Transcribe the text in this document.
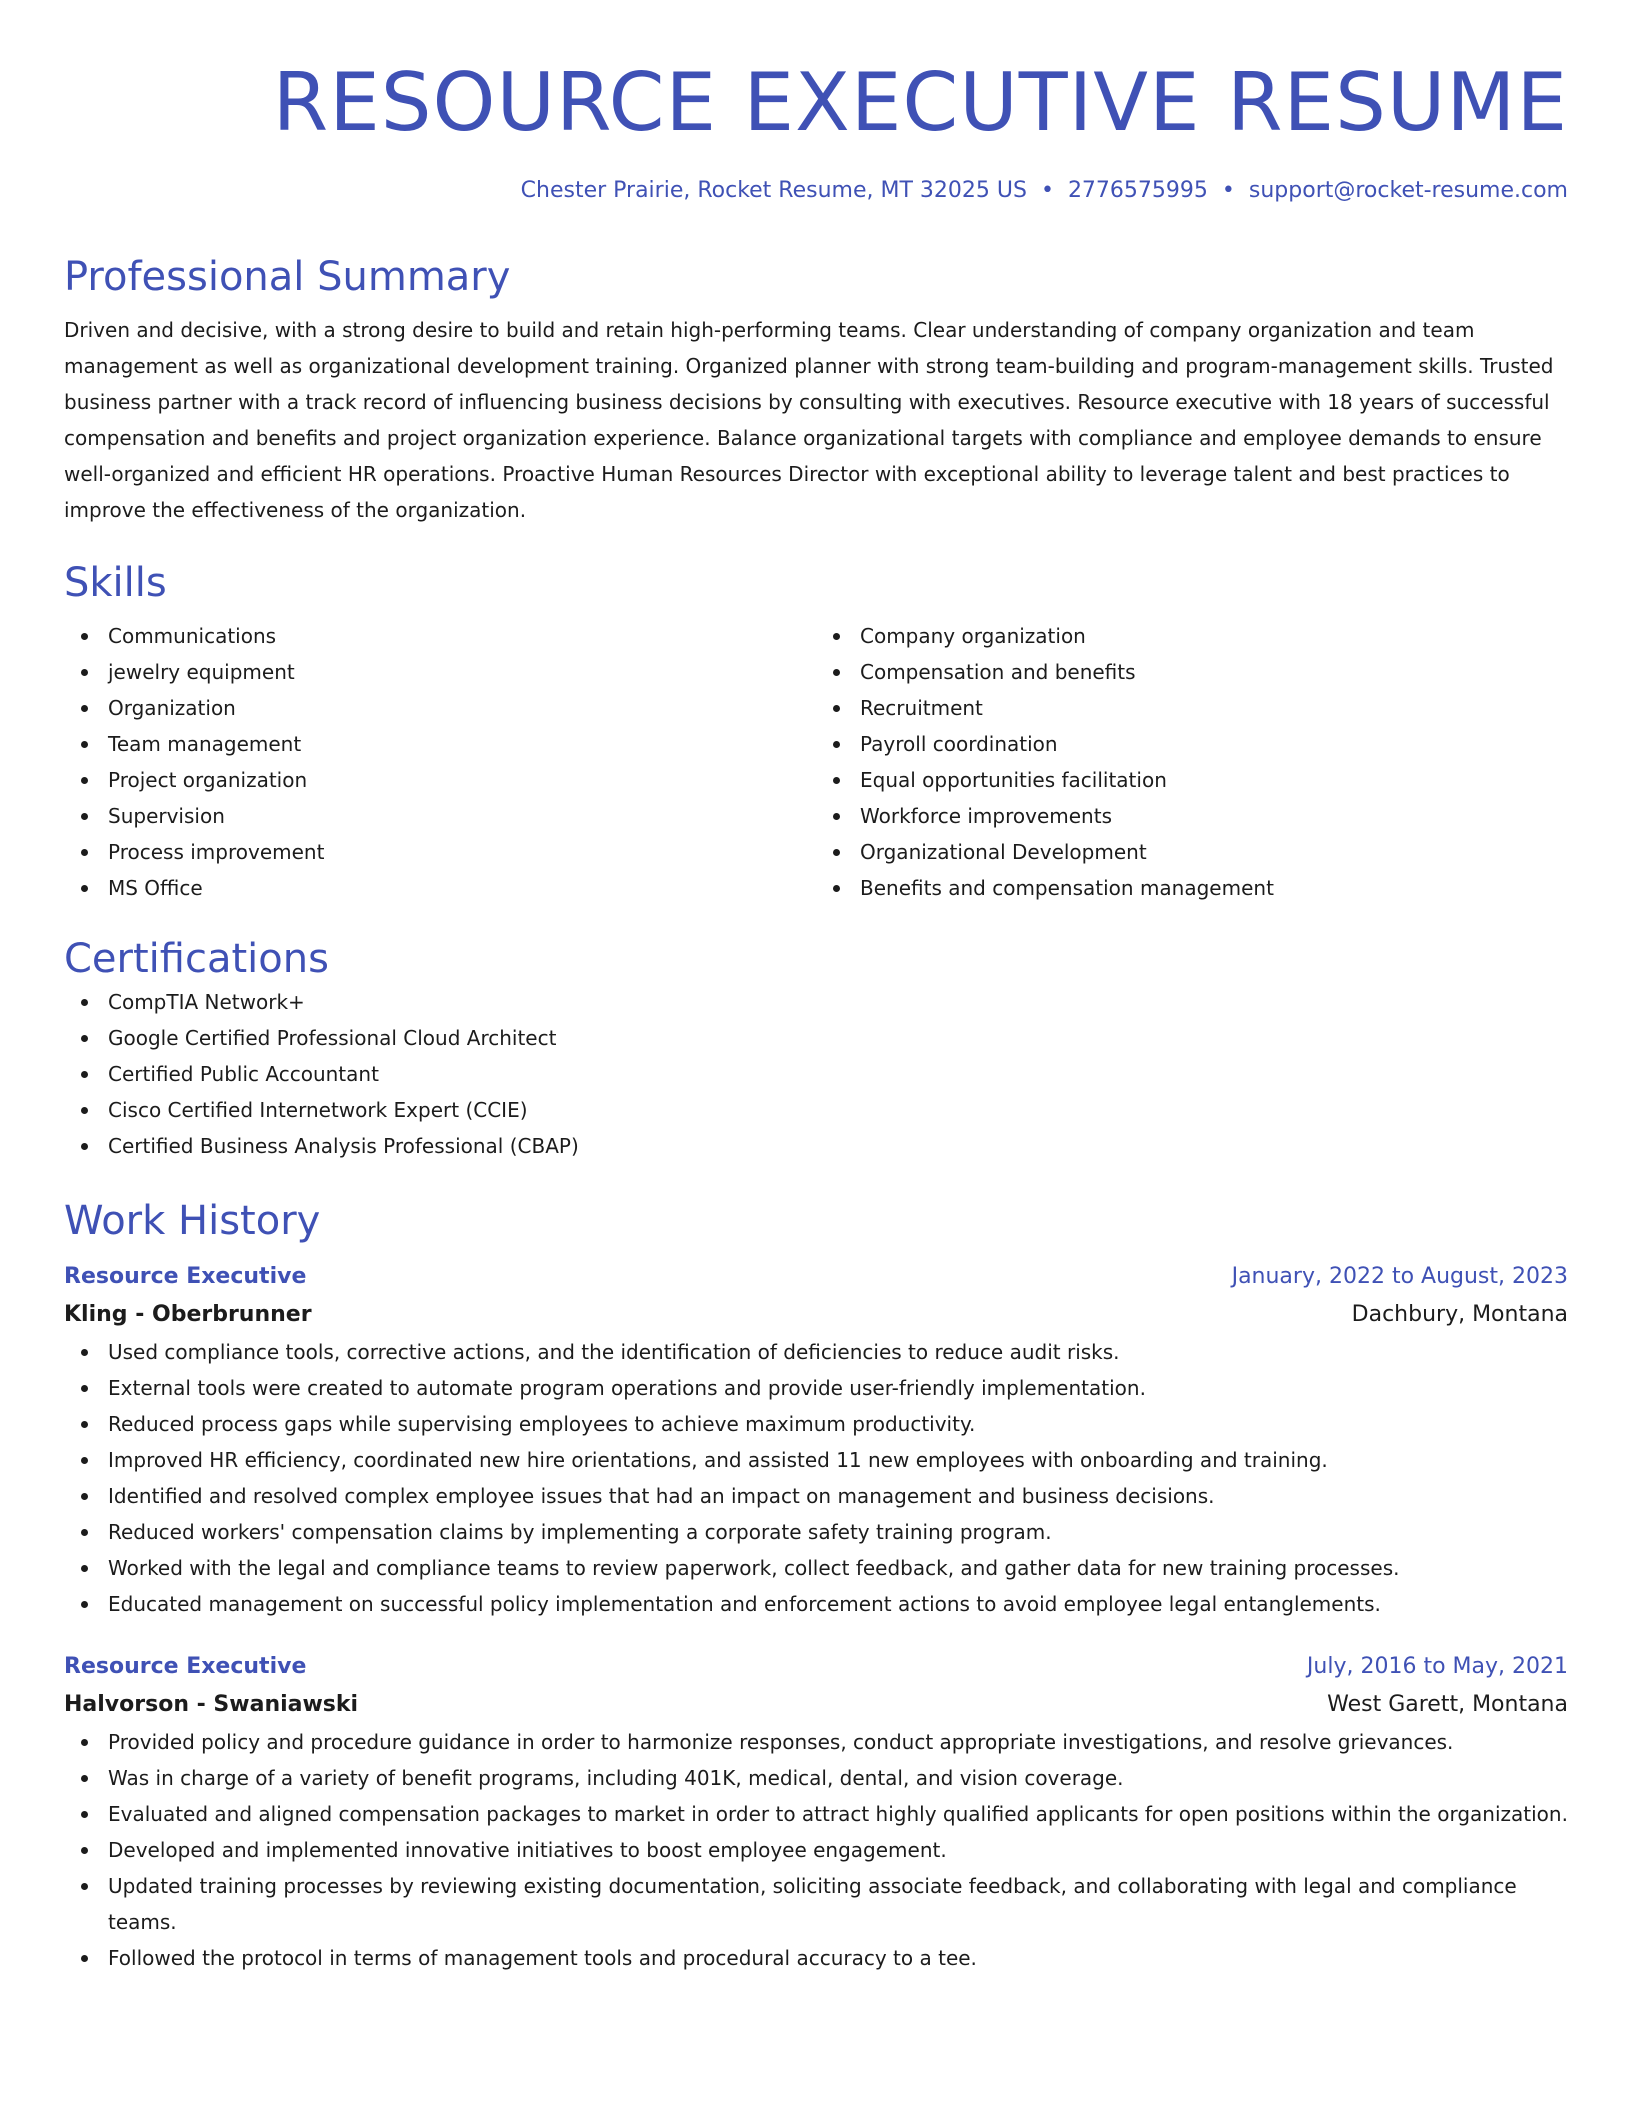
RESOURCE EXECUTIVE RESUME
Chester Prairie, Rocket Resume, MT 32025 US • 2776575995 • support@rocket-resume.com
Professional Summary
Driven and decisive, with a strong desire to build and retain high-performing teams. Clear understanding of company organization and team management as well as organizational development training. Organized planner with strong team-building and program-management skills. Trusted business partner with a track record of influencing business decisions by consulting with executives. Resource executive with 18 years of successful compensation and benefits and project organization experience. Balance organizational targets with compliance and employee demands to ensure well-organized and efficient HR operations. Proactive Human Resources Director with exceptional ability to leverage talent and best practices to improve the effectiveness of the organization.
Skills
Communications
jewelry equipment
Organization
Team management
Project organization
Supervision
Process improvement
MS Office
Company organization
Compensation and benefits
Recruitment
Payroll coordination
Equal opportunities facilitation
Workforce improvements
Organizational Development
Benefits and compensation management
Certifications
CompTIA Network+
Google Certified Professional Cloud Architect
Certified Public Accountant
Cisco Certified Internetwork Expert (CCIE)
Certified Business Analysis Professional (CBAP)
Work History
Resource Executive	January, 2022 to August, 2023
Kling - Oberbrunner	Dachbury, Montana
Used compliance tools, corrective actions, and the identification of deficiencies to reduce audit risks.
External tools were created to automate program operations and provide user-friendly implementation.
Reduced process gaps while supervising employees to achieve maximum productivity.
Improved HR efficiency, coordinated new hire orientations, and assisted 11 new employees with onboarding and training.
Identified and resolved complex employee issues that had an impact on management and business decisions.
Reduced workers' compensation claims by implementing a corporate safety training program.
Worked with the legal and compliance teams to review paperwork, collect feedback, and gather data for new training processes.
Educated management on successful policy implementation and enforcement actions to avoid employee legal entanglements.
Resource Executive	July, 2016 to May, 2021
Halvorson - Swaniawski	West Garett, Montana
Provided policy and procedure guidance in order to harmonize responses, conduct appropriate investigations, and resolve grievances.
Was in charge of a variety of benefit programs, including 401K, medical, dental, and vision coverage.
Evaluated and aligned compensation packages to market in order to attract highly qualified applicants for open positions within the organization.
Developed and implemented innovative initiatives to boost employee engagement.
Updated training processes by reviewing existing documentation, soliciting associate feedback, and collaborating with legal and compliance teams.
Followed the protocol in terms of management tools and procedural accuracy to a tee.
